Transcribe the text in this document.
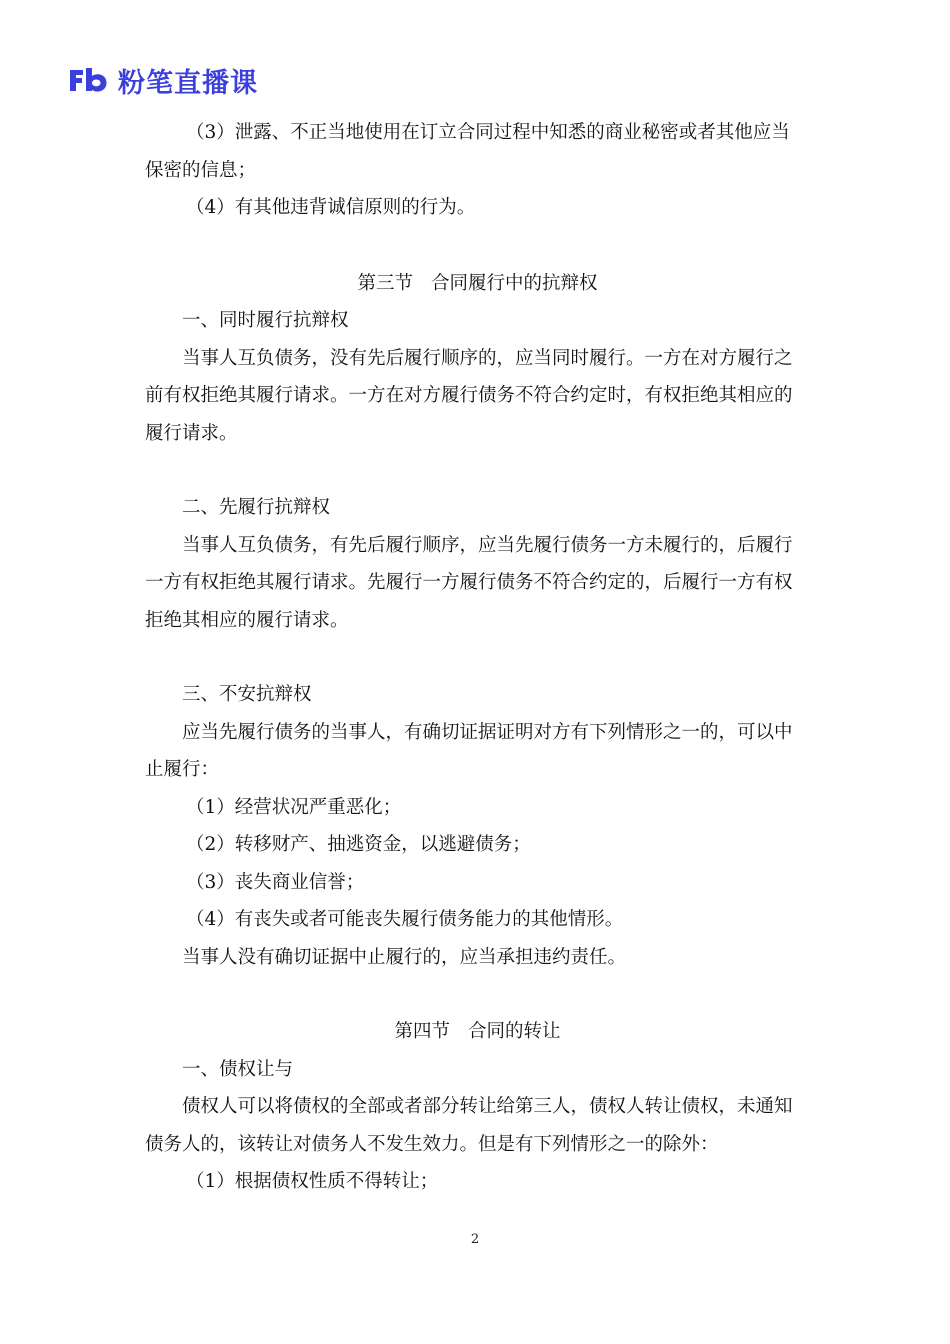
粉笔直播课

（3）泄露、不正当地使用在订立合同过程中知悉的商业秘密或者其他应当

保密的信息；

（4）有其他违背诚信原则的行为。

第三节 合同履行中的抗辩权

一、同时履行抗辩权

当事人互负债务，没有先后履行顺序的，应当同时履行。一方在对方履行之

前有权拒绝其履行请求。一方在对方履行债务不符合约定时，有权拒绝其相应的

履行请求。

二、先履行抗辩权

当事人互负债务，有先后履行顺序，应当先履行债务一方未履行的，后履行

一方有权拒绝其履行请求。先履行一方履行债务不符合约定的，后履行一方有权

拒绝其相应的履行请求。

三、不安抗辩权

应当先履行债务的当事人，有确切证据证明对方有下列情形之一的，可以中

止履行：

（1）经营状况严重恶化；

（2）转移财产、抽逃资金，以逃避债务；

（3）丧失商业信誉；

（4）有丧失或者可能丧失履行债务能力的其他情形。

当事人没有确切证据中止履行的，应当承担违约责任。

第四节 合同的转让

一、债权让与

债权人可以将债权的全部或者部分转让给第三人，债权人转让债权，未通知

债务人的，该转让对债务人不发生效力。但是有下列情形之一的除外：

（1）根据债权性质不得转让；

2
